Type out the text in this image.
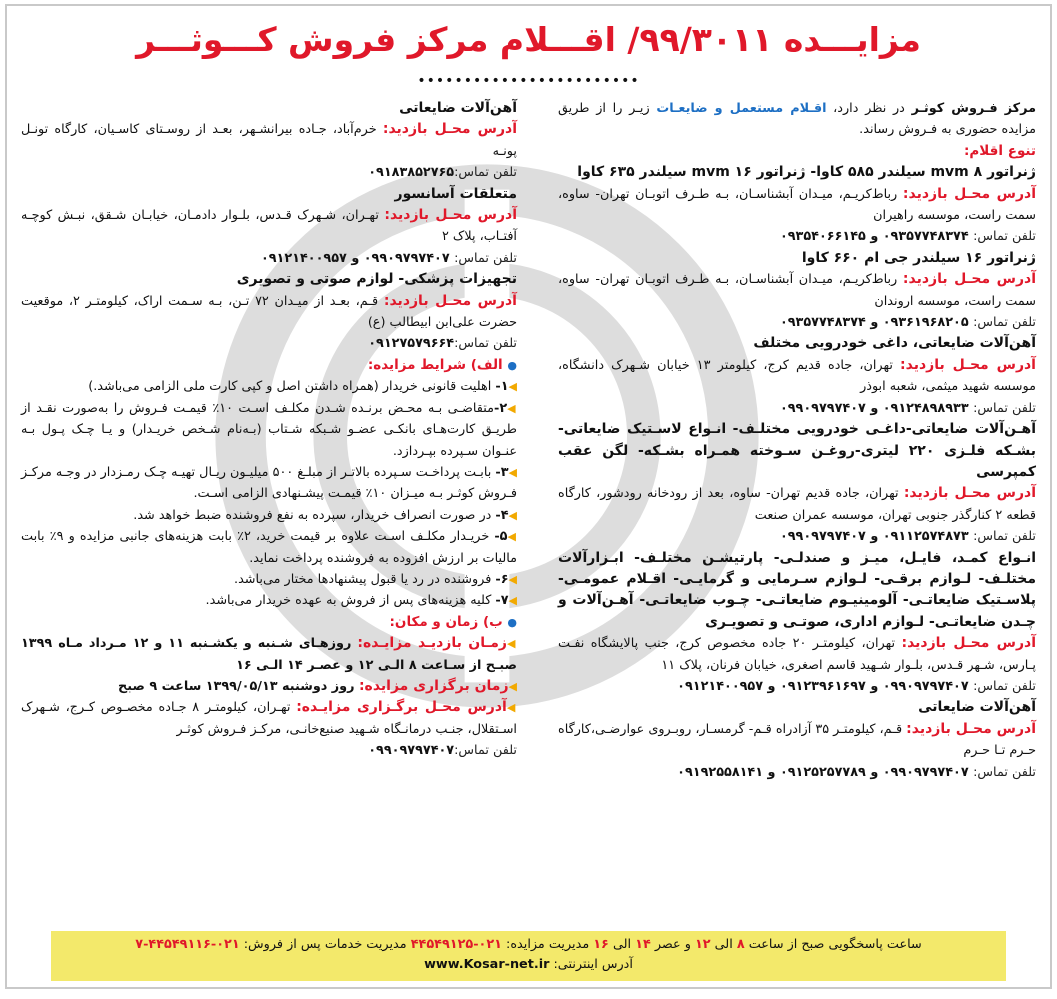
مزایـــده ۹۹/۳۰۱۱/ اقـــلام مرکز فروش کـــوثـــر
••••••••••••••••••••••••

مرکز فـروش کوثـر در نظر دارد، اقـلام مستعمل و ضایعـات زیـر را از طریق مزایده حضوری به فـروش رساند.

تنوع اقلام:
ژنراتور mvm ۸ سیلندر ۵۸۵ کاوا- ژنراتور mvm ۱۶ سیلندر ۶۳۵ کاوا
آدرس محـل بازدید: رباط‌کریـم، میـدان آبشناسـان، بـه طـرف اتوبـان تهران- ساوه، سمت راست، موسسه راهیران
تلفن تماس: ۰۹۳۵۷۷۴۸۳۷۴ و ۰۹۳۵۴۰۶۶۱۴۵
ژنراتور ۱۶ سیلندر جی ام ۶۶۰ کاوا
آدرس محـل بازدید: رباط‌کریـم، میـدان آبشناسـان، بـه طـرف اتوبـان تهران- ساوه، سمت راست، موسسه اروندان
تلفن تماس: ۰۹۳۶۱۹۶۸۲۰۵ و ۰۹۳۵۷۷۴۸۳۷۴
آهن‌آلات ضایعاتی، داغی خودرویی مختلف
آدرس محـل بازدید: تهران، جاده قدیم کرج، کیلومتر ۱۳ خیابان شـهرک دانشگاه، موسسه شهید میثمی، شعبه ابوذر
تلفن تماس: ۰۹۱۲۴۸۹۸۹۳۳ و ۰۹۹۰۹۷۹۷۴۰۷
آهـن‌آلات ضایعاتی-داغـی خودرویی مختلـف- انـواع لاسـتیک ضایعاتی- بشـکه فلـزی ۲۲۰ لیتری-روغـن سـوخته همـراه بشـکه- لگن عقب کمپرسی
آدرس محـل بازدید: تهران، جاده قدیم تهران- ساوه، بعد از رودخانه رودشور، کارگاه قطعه ۲ کنارگذر جنوبی تهران، موسسه عمران صنعت
تلفن تماس: ۰۹۱۱۲۵۷۴۸۷۳ و ۰۹۹۰۹۷۹۷۴۰۷
انـواع کمـد، فایـل، میـز و صندلـی- پارتیشـن مختلـف- ابـزارآلات مختلـف- لـوازم برقـی- لـوازم سـرمایی و گرمایـی- اقـلام عمومـی- پلاسـتیک ضایعاتـی- آلومینیـوم ضایعاتـی- چـوب ضایعاتـی- آهـن‌آلات و چـدن ضایعاتـی- لـوازم اداری، صوتـی و تصویـری
آدرس محـل بازدید: تهران، کیلومتـر ۲۰ جاده مخصوص کرج، جنب پالایشگاه نفـت پـارس، شـهر قـدس، بلـوار شـهید قاسم اصغری، خیابان فرنان، پلاک ۱۱
تلفن تماس: ۰۹۹۰۹۷۹۷۴۰۷ و ۰۹۱۲۳۹۶۱۶۹۷ و ۰۹۱۲۱۴۰۰۹۵۷
آهن‌آلات ضایعاتی
آدرس محـل بازدید: قـم، کیلومتـر ۳۵ آزادراه قـم- گرمسـار، روبـروی عوارضـی،کارگاه حـرم تـا حـرم
تلفن تماس: ۰۹۹۰۹۷۹۷۴۰۷ و ۰۹۱۲۵۲۵۷۷۸۹ و ۰۹۱۹۲۵۵۸۱۴۱
آهن‌آلات ضایعاتی
آدرس محـل بازدید: خرم‌آباد، جـاده بیرانشـهر، بعـد از روسـتای کاسـیان، کارگاه تونـل پونـه
تلفن تماس: ۰۹۱۸۳۸۵۲۷۶۵
متعلقات آسانسور
آدرس محـل بازدید: تهـران، شـهرک قـدس، بلـوار دادمـان، خیابـان شـقق، نبـش کوچـه آفتـاب، پلاک ۲
تلفن تماس: ۰۹۹۰۹۷۹۷۴۰۷ و ۰۹۱۲۱۴۰۰۹۵۷
تجهیزات پزشکی- لوازم صوتی و تصویری
آدرس محـل بازدید: قـم، بعـد از میـدان ۷۲ تـن، بـه سـمت اراک، کیلومتـر ۲، موقعیت حضرت علی‌ابن ابیطالب (ع)
تلفن تماس: ۰۹۱۲۷۵۷۹۶۶۴
● الف) شرایط مزایده:
◀۱- اهلیت قانونی خریدار (همراه داشتن اصل و کپی کارت ملی الزامی می‌باشد.)
◀۲-متقاضـی بـه محـض برنـده شـدن مکلـف اسـت ۱۰٪ قیمـت فـروش را به‌صورت نقـد از طریـق کارت‌هـای بانکـی عضـو شـبکه شـتاب (بـه‌نام شـخص خریـدار) و یـا چـک پـول بـه عنـوان سـپرده بپـردازد.
◀۳- بابـت پرداخـت سـپرده بالاتـر از مبلـغ ۵۰۰ میلیـون ریـال تهیـه چـک رمـزدار در وجـه مرکـز فـروش کوثـر بـه میـزان ۱۰٪ قیمـت پیشـنهادی الزامی اسـت.
◀۴- در صورت انصراف خریدار، سپرده به نفع فروشنده ضبط خواهد شد.
◀۵- خریـدار مکلـف اسـت علاوه بر قیمت خرید، ۲٪ بابت هزینه‌های جانبی مزایده و ۹٪ بابت مالیات بر ارزش افزوده به فروشنده پرداخت نماید.
◀۶- فروشنده در رد یا قبول پیشنهادها مختار می‌باشد.
◀۷- کلیه هزینه‌های پس از فروش به عهده خریدار می‌باشد.
● ب) زمان و مکان:
◀زمـان بازدیـد مزایـده: روزهـای شـنبه و یکشـنبه ۱۱ و ۱۲ مـرداد مـاه ۱۳۹۹ صبـح از سـاعت ۸ الـی ۱۲ و عصـر ۱۴ الـی ۱۶
◀زمان برگزاری مزایده: روز دوشنبه ۱۳۹۹/۰۵/۱۳ ساعت ۹ صبح
◀آدرس محـل برگـزاری مزایـده: تهـران، کیلومتـر ۸ جـاده مخصـوص کـرج، شـهرک اسـتقلال، جنـب درمانـگاه شـهید صنیع‌خانـی، مرکـز فـروش کوثـر
تلفن تماس: ۰۹۹۰۹۷۹۷۴۰۷
ساعت پاسخگویی صبح از ساعت ۸ الی ۱۲ و عصر ۱۴ الی ۱۶ مدیریت مزایده: ۰۲۱-۴۴۵۴۹۱۲۵ مدیریت خدمات پس از فروش: ۰۲۱-۴۴۵۴۹۱۱۶-۷
آدرس اینترنتی: www.Kosar-net.ir
